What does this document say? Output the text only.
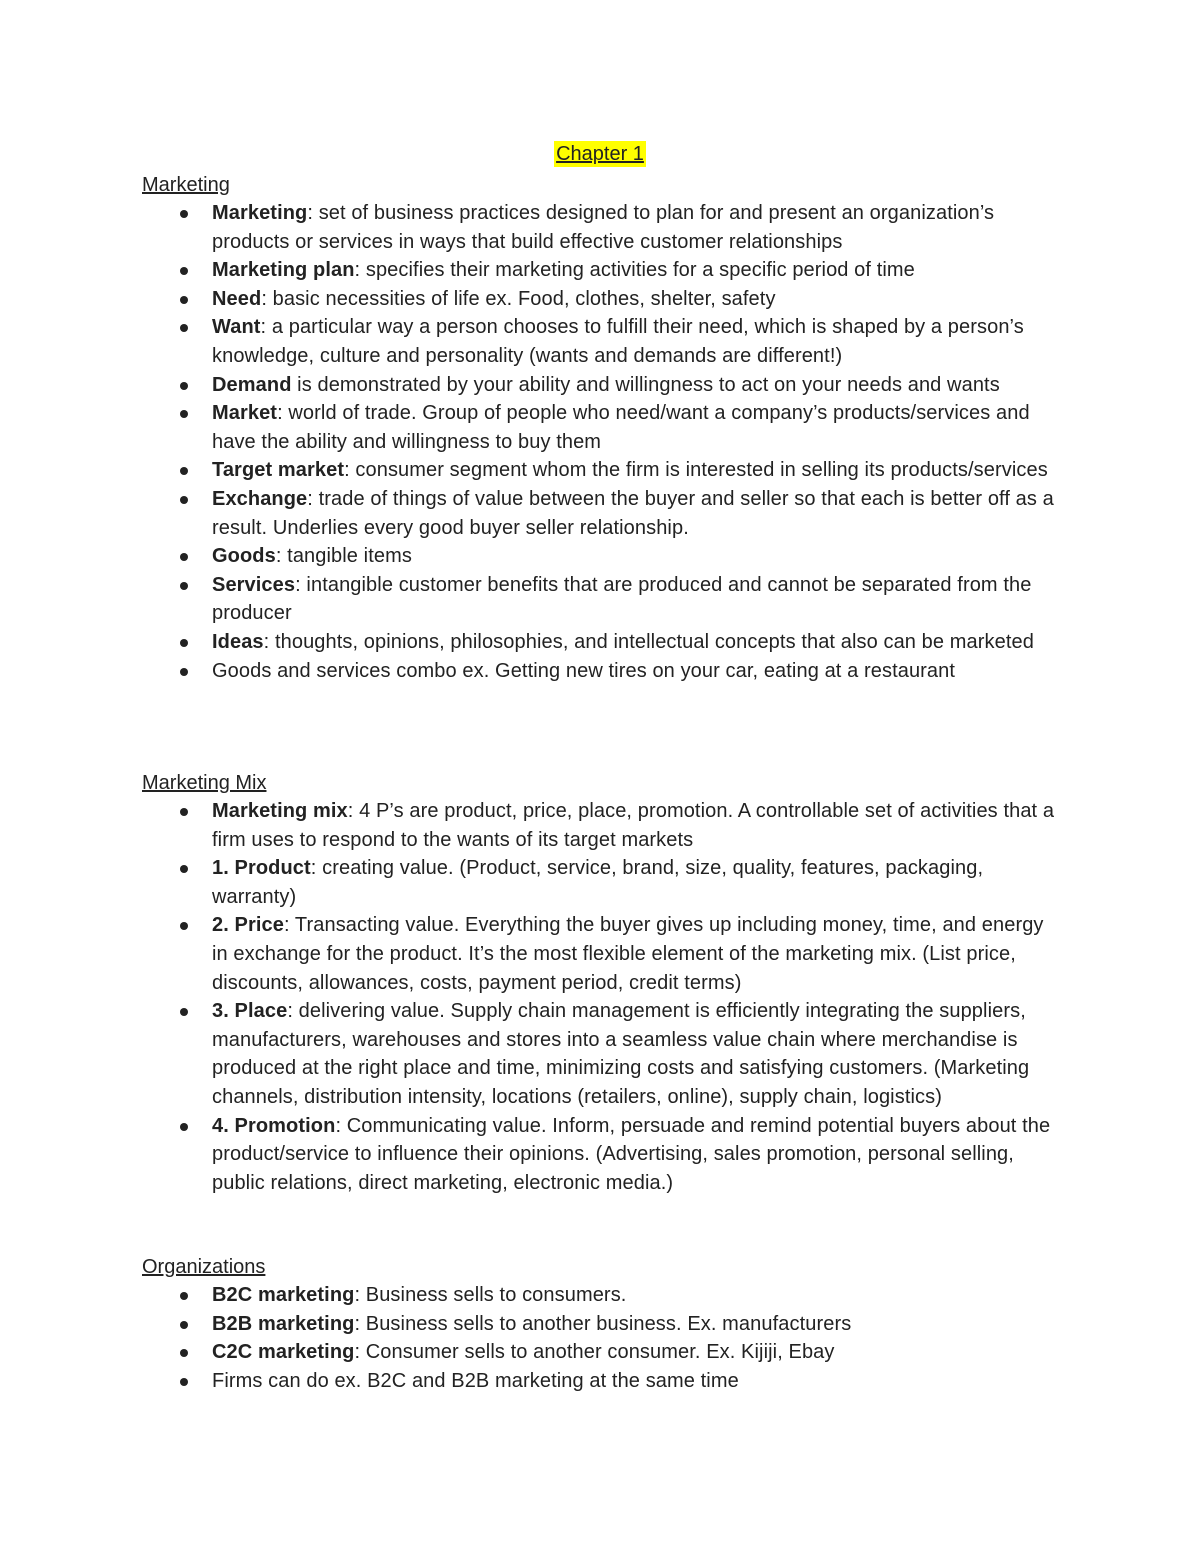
Chapter 1
Marketing
Marketing: set of business practices designed to plan for and present an organization’s products or services in ways that build effective customer relationships
Marketing plan: specifies their marketing activities for a specific period of time
Need: basic necessities of life ex. Food, clothes, shelter, safety
Want: a particular way a person chooses to fulfill their need, which is shaped by a person’s knowledge, culture and personality (wants and demands are different!)
Demand is demonstrated by your ability and willingness to act on your needs and wants
Market: world of trade. Group of people who need/want a company’s products/services and have the ability and willingness to buy them
Target market: consumer segment whom the firm is interested in selling its products/services
Exchange: trade of things of value between the buyer and seller so that each is better off as a result. Underlies every good buyer seller relationship.
Goods: tangible items
Services: intangible customer benefits that are produced and cannot be separated from the producer
Ideas: thoughts, opinions, philosophies, and intellectual concepts that also can be marketed
Goods and services combo ex. Getting new tires on your car, eating at a restaurant
Marketing Mix
Marketing mix: 4 P’s are product, price, place, promotion. A controllable set of activities that a firm uses to respond to the wants of its target markets
1. Product: creating value. (Product, service, brand, size, quality, features, packaging, warranty)
2. Price: Transacting value. Everything the buyer gives up including money, time, and energy in exchange for the product. It’s the most flexible element of the marketing mix. (List price, discounts, allowances, costs, payment period, credit terms)
3. Place: delivering value. Supply chain management is efficiently integrating the suppliers, manufacturers, warehouses and stores into a seamless value chain where merchandise is produced at the right place and time, minimizing costs and satisfying customers. (Marketing channels, distribution intensity, locations (retailers, online), supply chain, logistics)
4. Promotion: Communicating value. Inform, persuade and remind potential buyers about the product/service to influence their opinions. (Advertising, sales promotion, personal selling, public relations, direct marketing, electronic media.)
Organizations
B2C marketing: Business sells to consumers.
B2B marketing: Business sells to another business. Ex. manufacturers
C2C marketing: Consumer sells to another consumer. Ex. Kijiji, Ebay
Firms can do ex. B2C and B2B marketing at the same time
